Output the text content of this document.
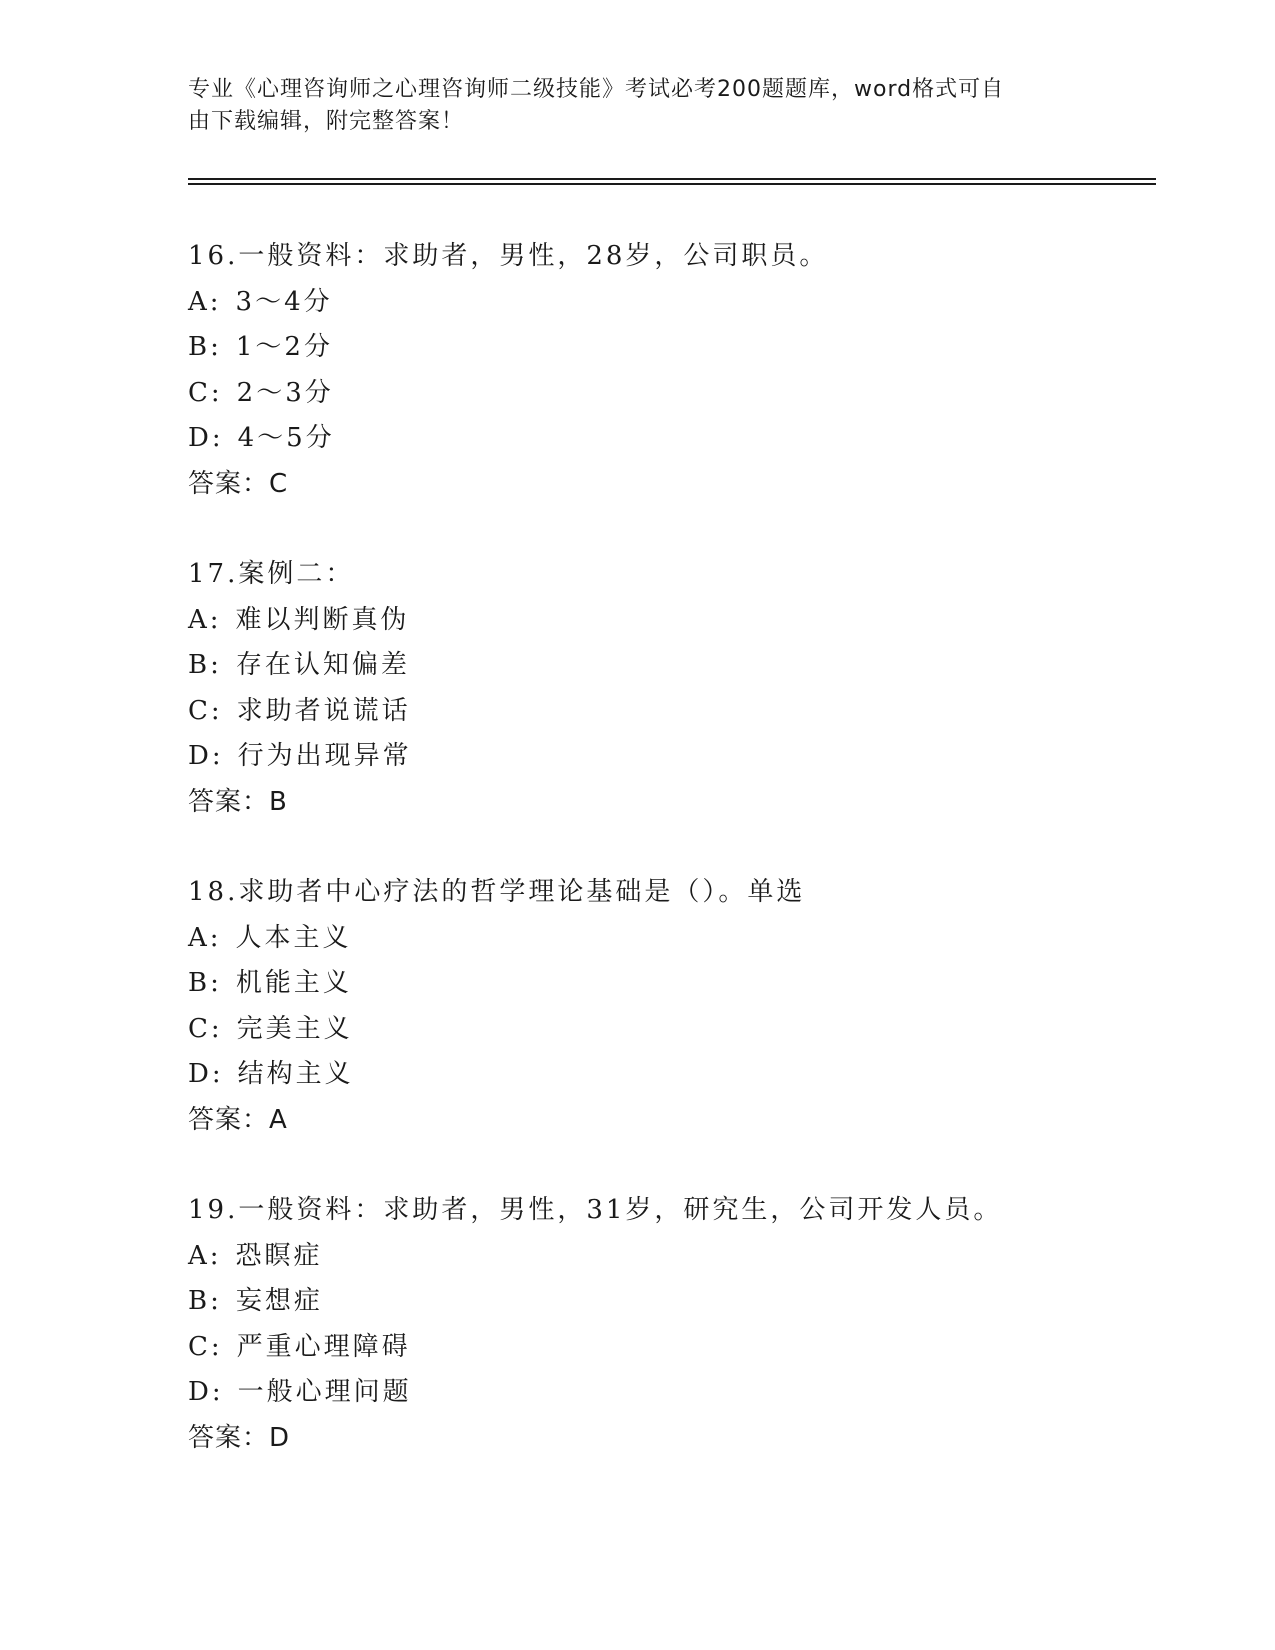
专业《心理咨询师之心理咨询师二级技能》考试必考200题题库，word格式可自
由下载编辑，附完整答案！
16.一般资料：求助者，男性，28岁，公司职员。
A: 3～4分
B: 1～2分
C: 2～3分
D: 4～5分
答案：C
17.案例二：
A: 难以判断真伪
B: 存在认知偏差
C: 求助者说谎话
D: 行为出现异常
答案：B
18.求助者中心疗法的哲学理论基础是（）。单选
A: 人本主义
B: 机能主义
C: 完美主义
D: 结构主义
答案：A
19.一般资料：求助者，男性，31岁，研究生，公司开发人员。
A: 恐瞑症
B: 妄想症
C: 严重心理障碍
D: 一般心理问题
答案：D
